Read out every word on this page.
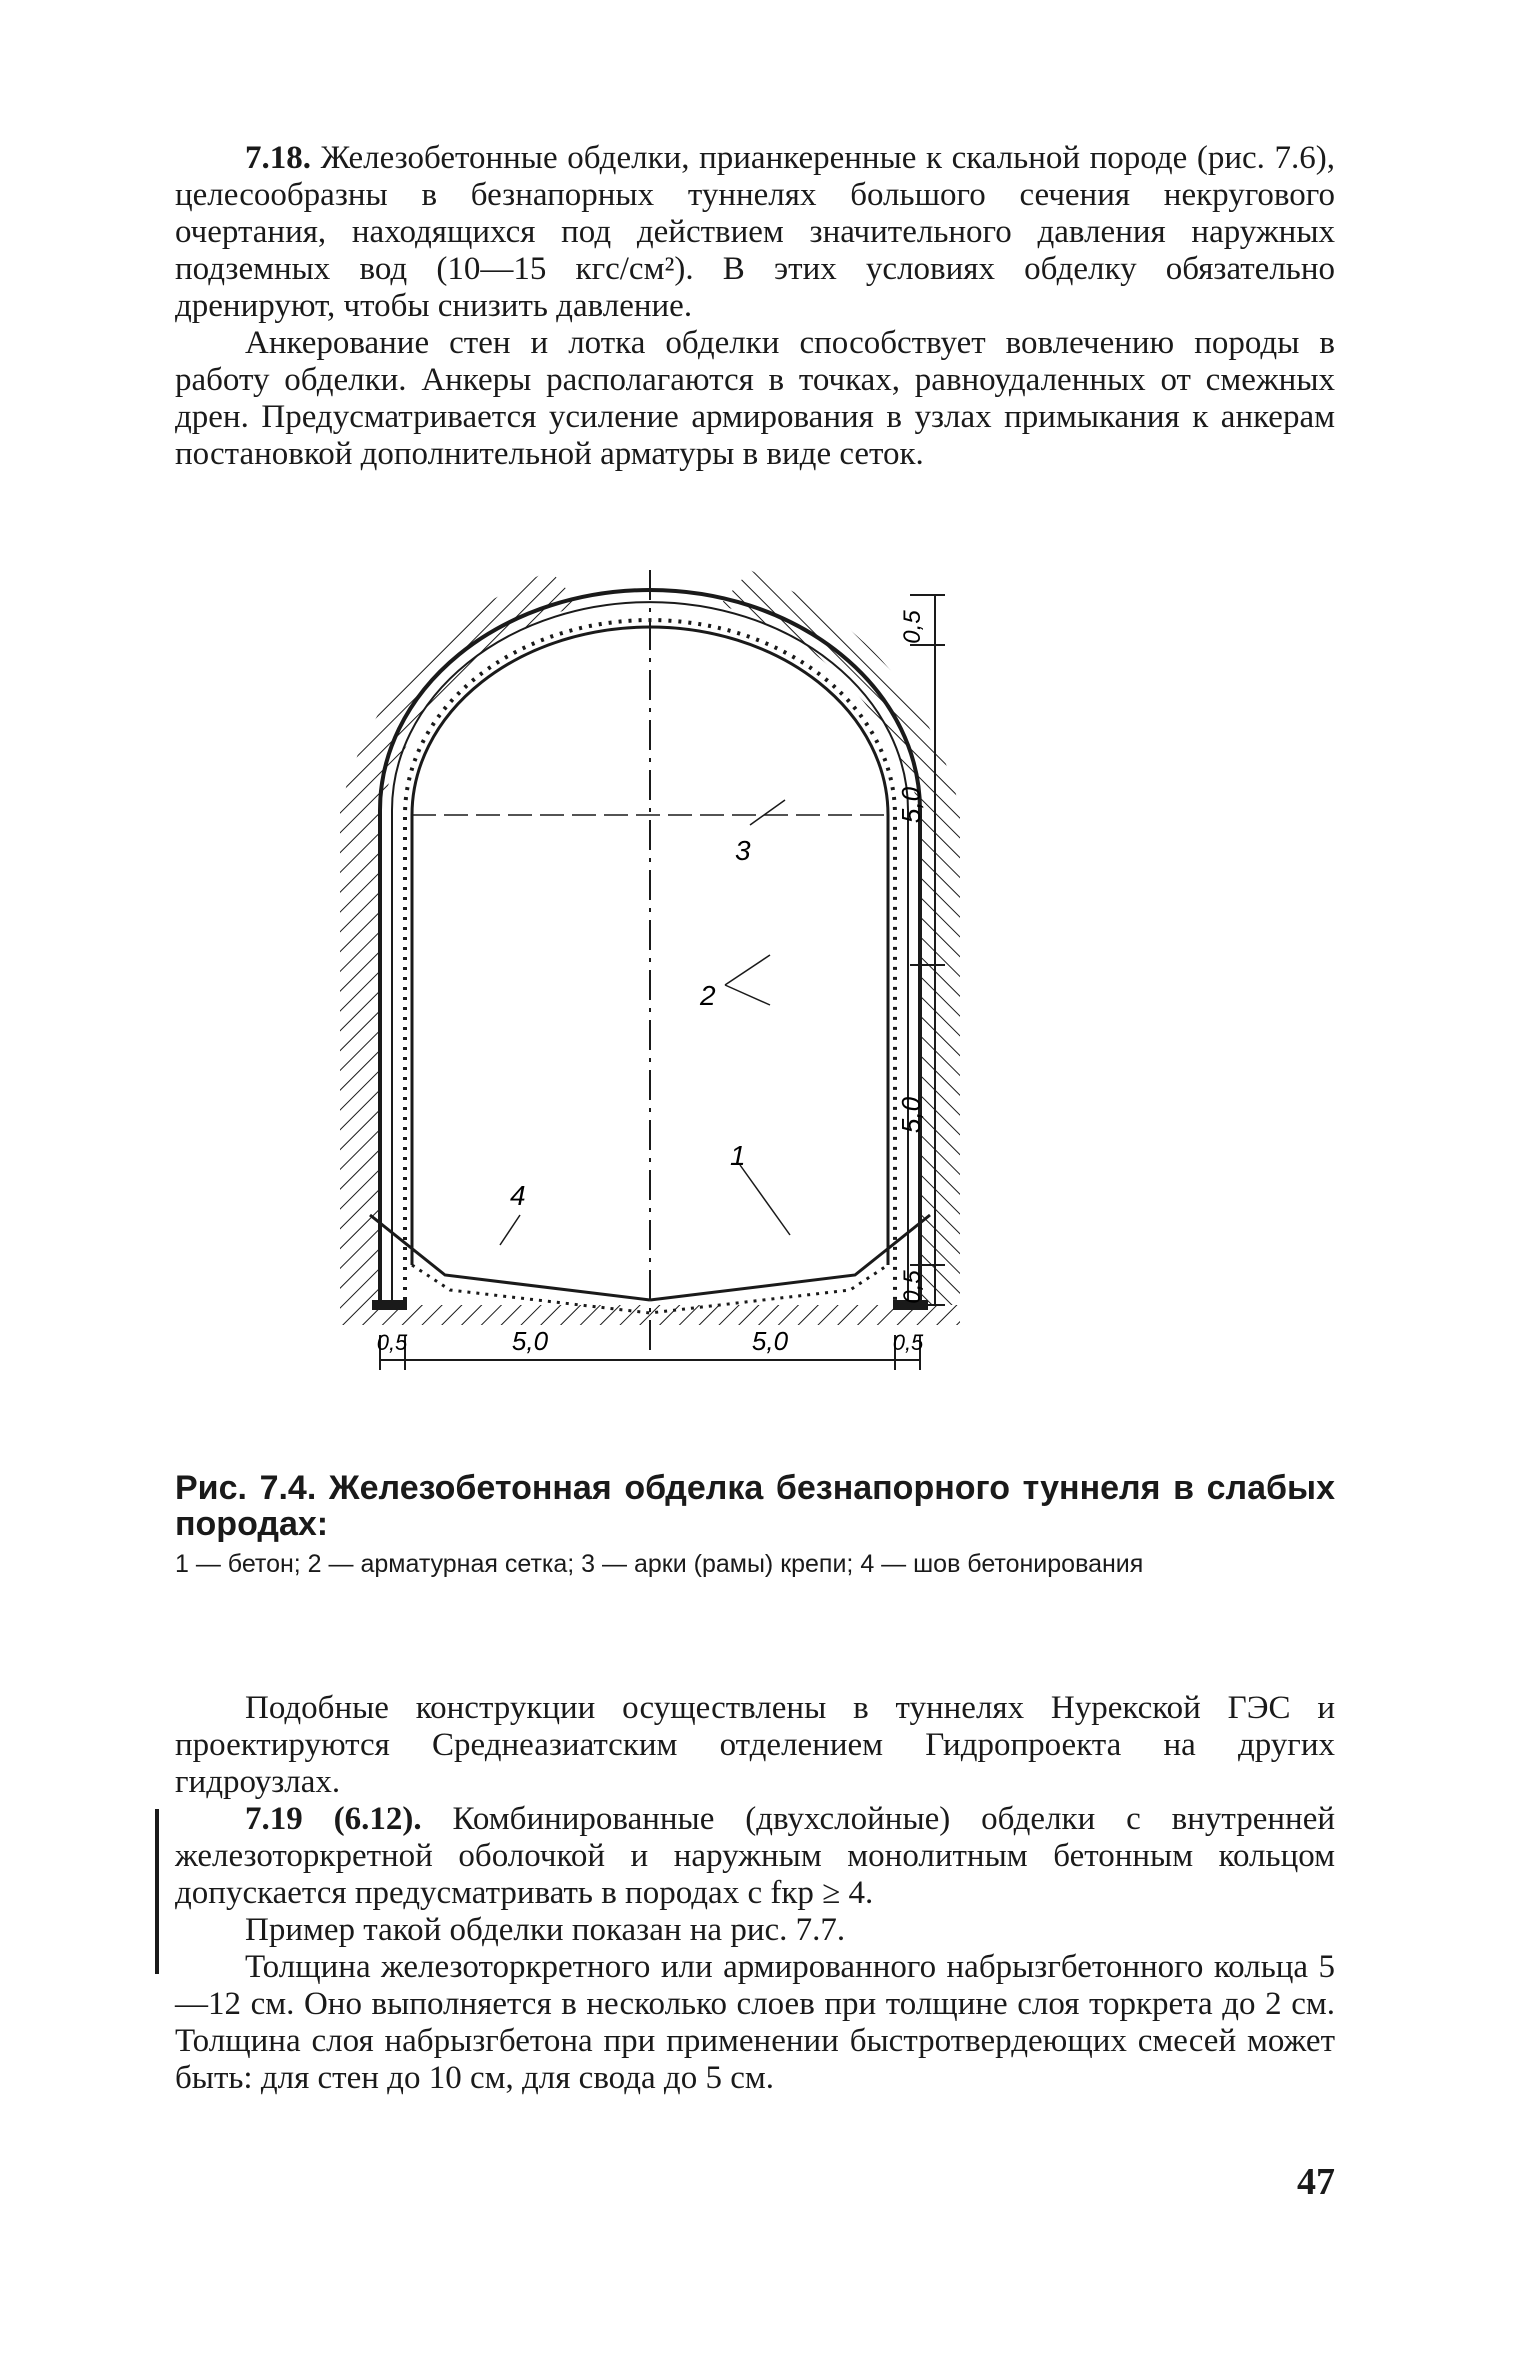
7.18. Железобетонные обделки, прианкеренные к скальной породе (рис. 7.6), целесообразны в безнапорных туннелях большого сечения некругового очертания, находящихся под действием значительного давления наружных подземных вод (10—15 кгс/см²). В этих условиях обделку обязательно дренируют, чтобы снизить давление.

Анкерование стен и лотка обделки способствует вовлечению породы в работу обделки. Анкеры располагаются в точках, равноудаленных от смежных дрен. Предусматривается усиление армирования в узлах примыкания к анкерам постановкой дополнительной арматуры в виде сеток.

0,5
5,0
5,0
0,5
0,5	5,0	5,0	0,5
1
2
3
4

Рис. 7.4. Железобетонная обделка безнапорного туннеля в слабых породах:

1 — бетон; 2 — арматурная сетка; 3 — арки (рамы) крепи; 4 — шов бетонирования

Подобные конструкции осуществлены в туннелях Нурекской ГЭС и проектируются Среднеазиатским отделением Гидропроекта на других гидроузлах.

7.19 (6.12). Комбинированные (двухслойные) обделки с внутренней железоторкретной оболочкой и наружным монолитным бетонным кольцом допускается предусматривать в породах с fкр ≥ 4.

Пример такой обделки показан на рис. 7.7.

Толщина железоторкретного или армированного набрызгбетонного кольца 5—12 см. Оно выполняется в несколько слоев при толщине слоя торкрета до 2 см. Толщина слоя набрызгбетона при применении быстротвердеющих смесей может быть: для стен до 10 см, для свода до 5 см.

47
